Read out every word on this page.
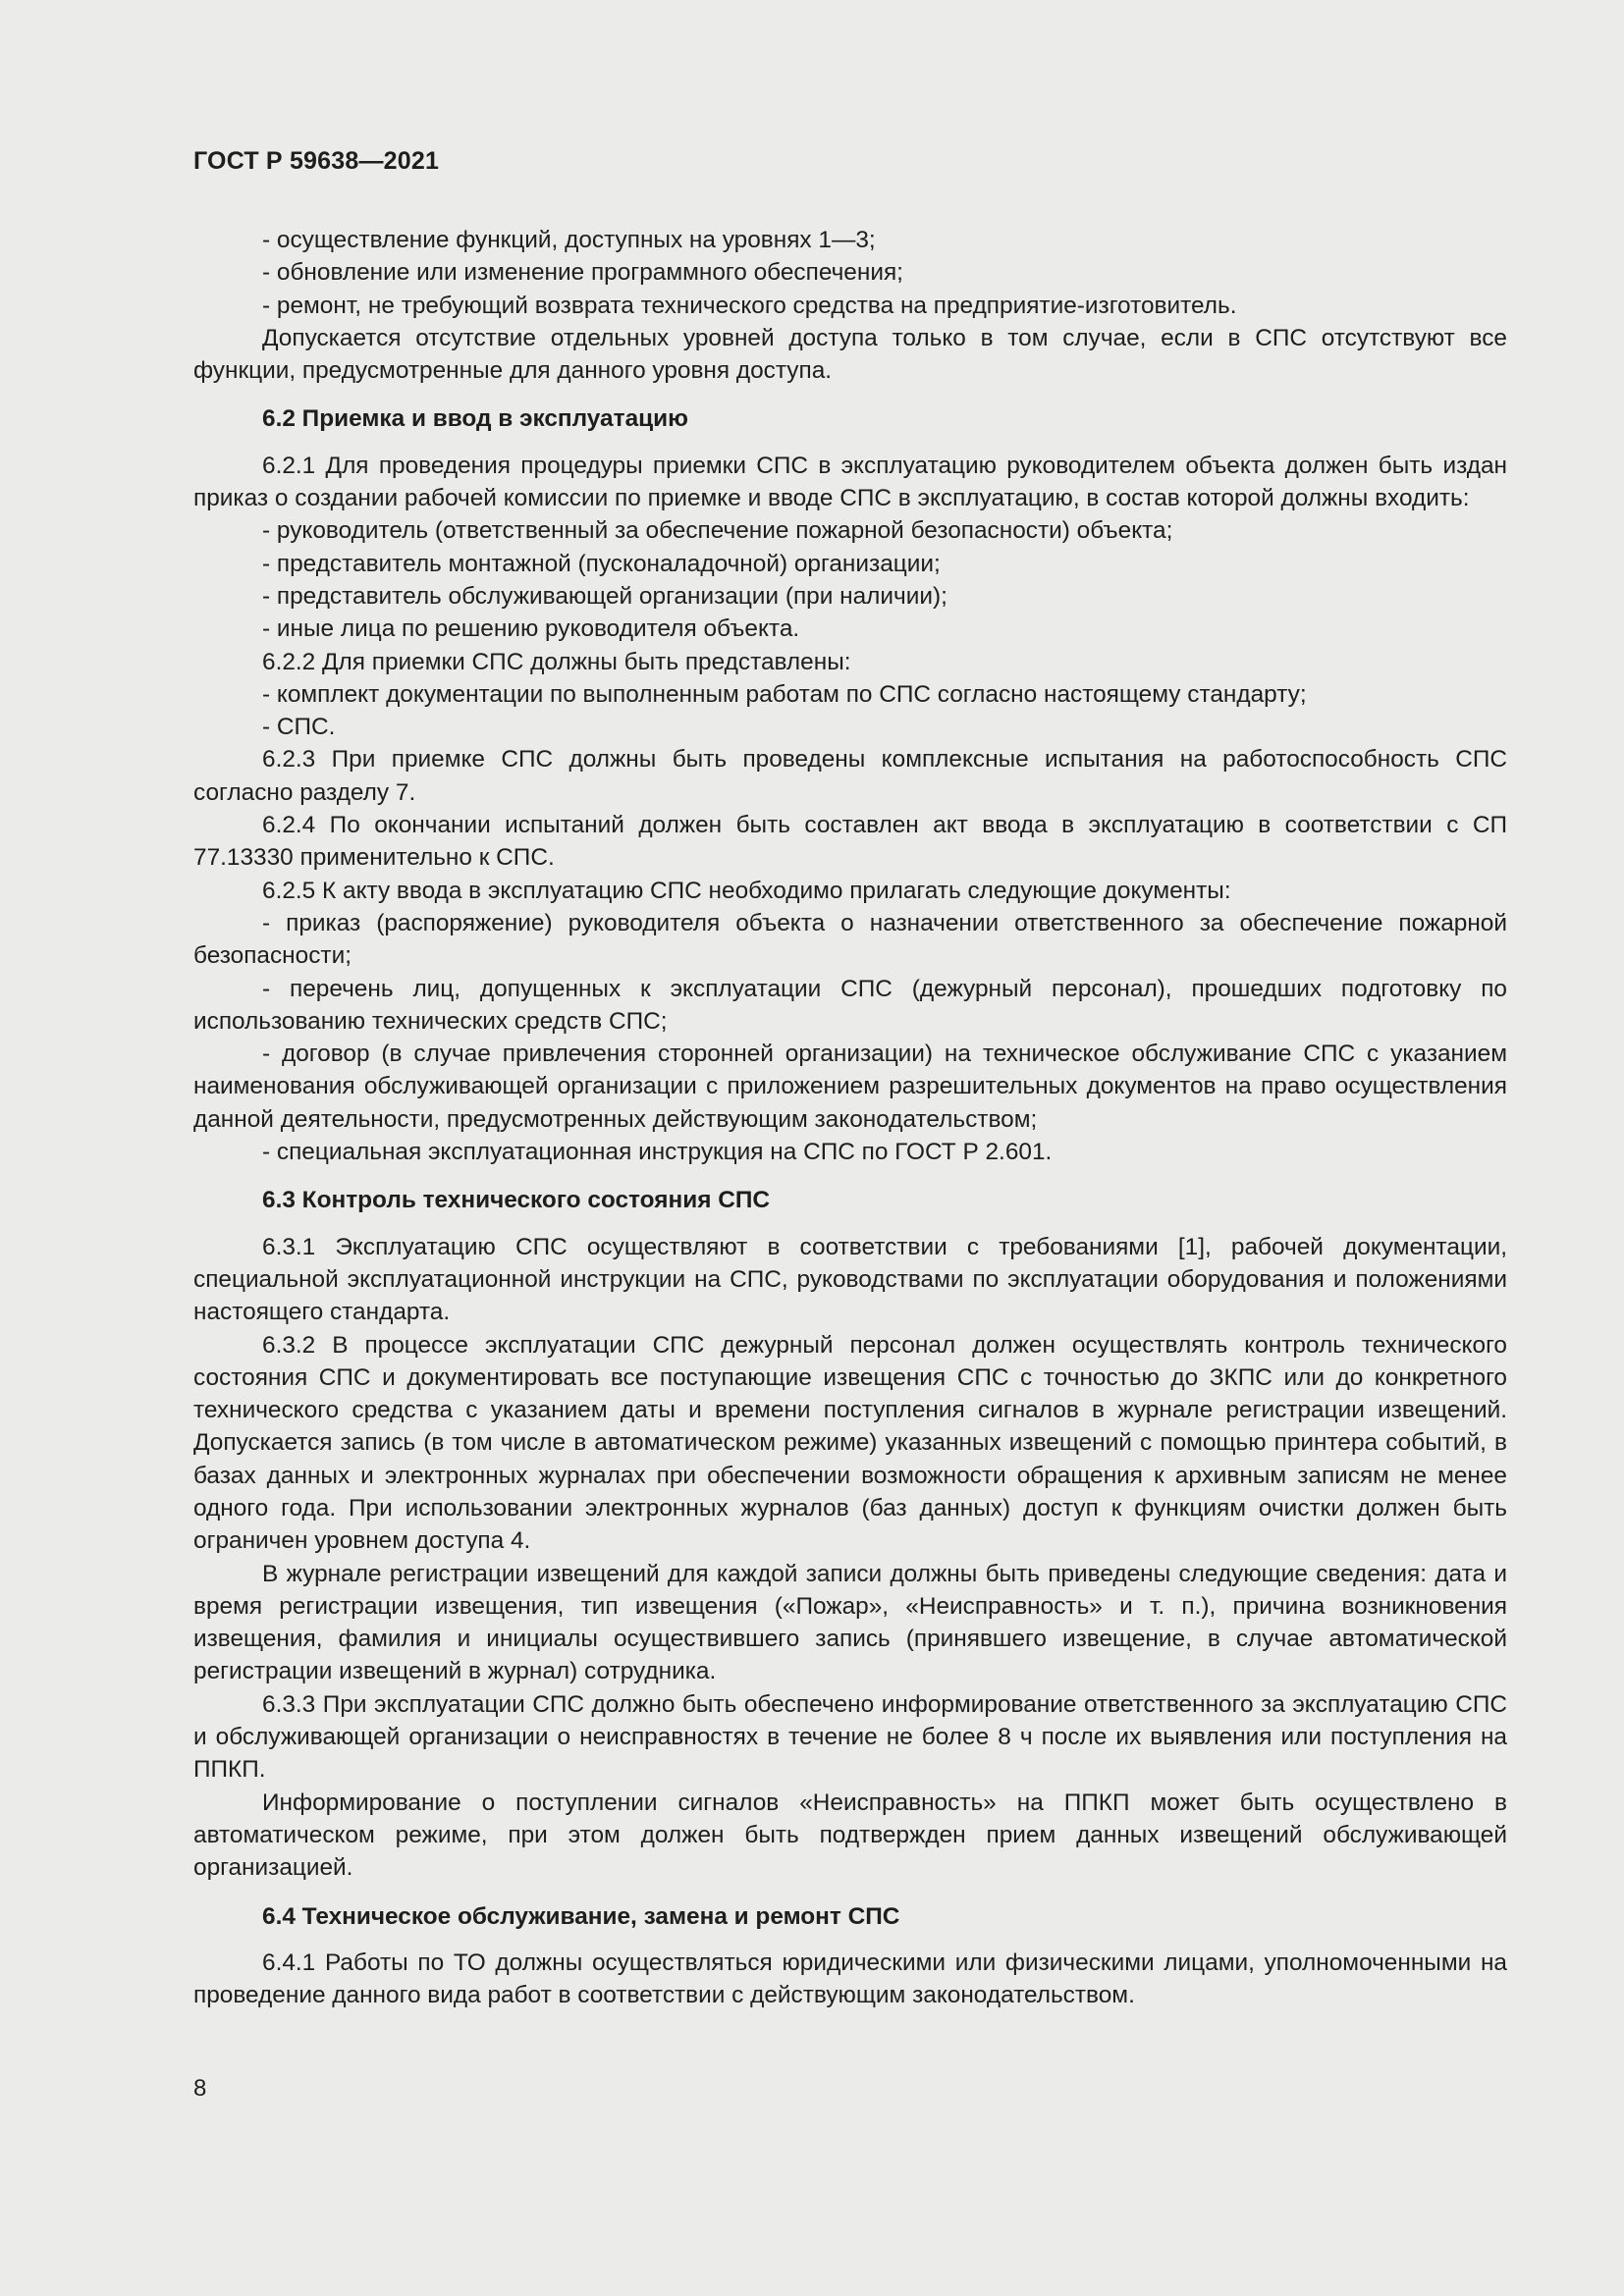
ГОСТ Р 59638—2021

- осуществление функций, доступных на уровнях 1—3;

- обновление или изменение программного обеспечения;

- ремонт, не требующий возврата технического средства на предприятие-изготовитель.

Допускается отсутствие отдельных уровней доступа только в том случае, если в СПС отсутствуют все функции, предусмотренные для данного уровня доступа.

6.2 Приемка и ввод в эксплуатацию

6.2.1 Для проведения процедуры приемки СПС в эксплуатацию руководителем объекта должен быть издан приказ о создании рабочей комиссии по приемке и вводе СПС в эксплуатацию, в состав которой должны входить:

- руководитель (ответственный за обеспечение пожарной безопасности) объекта;

- представитель монтажной (пусконаладочной) организации;

- представитель обслуживающей организации (при наличии);

- иные лица по решению руководителя объекта.

6.2.2 Для приемки СПС должны быть представлены:

- комплект документации по выполненным работам по СПС согласно настоящему стандарту;

- СПС.

6.2.3 При приемке СПС должны быть проведены комплексные испытания на работоспособность СПС согласно разделу 7.

6.2.4 По окончании испытаний должен быть составлен акт ввода в эксплуатацию в соответствии с СП 77.13330 применительно к СПС.

6.2.5 К акту ввода в эксплуатацию СПС необходимо прилагать следующие документы:

- приказ (распоряжение) руководителя объекта о назначении ответственного за обеспечение пожарной безопасности;

- перечень лиц, допущенных к эксплуатации СПС (дежурный персонал), прошедших подготовку по использованию технических средств СПС;

- договор (в случае привлечения сторонней организации) на техническое обслуживание СПС с указанием наименования обслуживающей организации с приложением разрешительных документов на право осуществления данной деятельности, предусмотренных действующим законодательством;

- специальная эксплуатационная инструкция на СПС по ГОСТ Р 2.601.

6.3 Контроль технического состояния СПС

6.3.1 Эксплуатацию СПС осуществляют в соответствии с требованиями [1], рабочей документации, специальной эксплуатационной инструкции на СПС, руководствами по эксплуатации оборудования и положениями настоящего стандарта.

6.3.2 В процессе эксплуатации СПС дежурный персонал должен осуществлять контроль технического состояния СПС и документировать все поступающие извещения СПС с точностью до ЗКПС или до конкретного технического средства с указанием даты и времени поступления сигналов в журнале регистрации извещений. Допускается запись (в том числе в автоматическом режиме) указанных извещений с помощью принтера событий, в базах данных и электронных журналах при обеспечении возможности обращения к архивным записям не менее одного года. При использовании электронных журналов (баз данных) доступ к функциям очистки должен быть ограничен уровнем доступа 4.

В журнале регистрации извещений для каждой записи должны быть приведены следующие сведения: дата и время регистрации извещения, тип извещения («Пожар», «Неисправность» и т. п.), причина возникновения извещения, фамилия и инициалы осуществившего запись (принявшего извещение, в случае автоматической регистрации извещений в журнал) сотрудника.

6.3.3 При эксплуатации СПС должно быть обеспечено информирование ответственного за эксплуатацию СПС и обслуживающей организации о неисправностях в течение не более 8 ч после их выявления или поступления на ППКП.

Информирование о поступлении сигналов «Неисправность» на ППКП может быть осуществлено в автоматическом режиме, при этом должен быть подтвержден прием данных извещений обслуживающей организацией.

6.4 Техническое обслуживание, замена и ремонт СПС

6.4.1 Работы по ТО должны осуществляться юридическими или физическими лицами, уполномоченными на проведение данного вида работ в соответствии с действующим законодательством.

8
